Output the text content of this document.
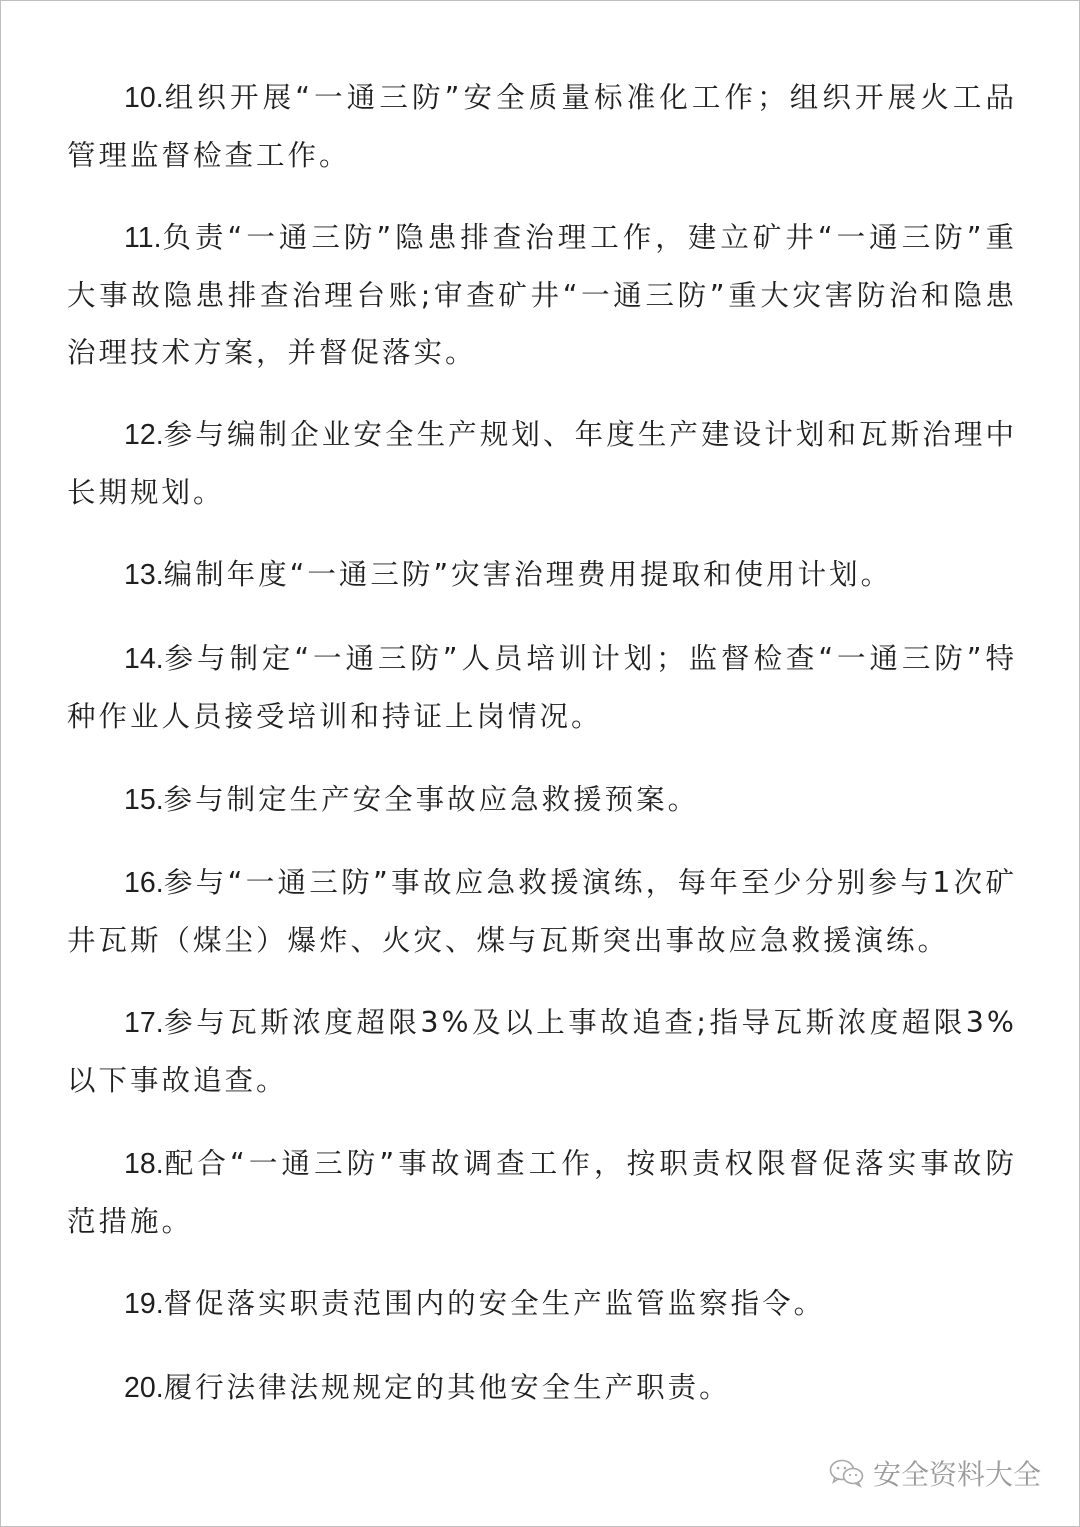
10.组织开展“一通三防”安全质量标准化工作；组织开展火工品管理监督检查工作。

11.负责“一通三防”隐患排查治理工作，建立矿井“一通三防”重大事故隐患排查治理台账;审查矿井“一通三防”重大灾害防治和隐患治理技术方案，并督促落实。

12.参与编制企业安全生产规划、年度生产建设计划和瓦斯治理中长期规划。

13.编制年度“一通三防”灾害治理费用提取和使用计划。

14.参与制定“一通三防”人员培训计划；监督检查“一通三防”特种作业人员接受培训和持证上岗情况。

15.参与制定生产安全事故应急救援预案。

16.参与“一通三防”事故应急救援演练，每年至少分别参与1次矿井瓦斯（煤尘）爆炸、火灾、煤与瓦斯突出事故应急救援演练。

17.参与瓦斯浓度超限3%及以上事故追查;指导瓦斯浓度超限3%以下事故追查。

18.配合“一通三防”事故调查工作，按职责权限督促落实事故防范措施。

19.督促落实职责范围内的安全生产监管监察指令。

20.履行法律法规规定的其他安全生产职责。

安全资料大全
